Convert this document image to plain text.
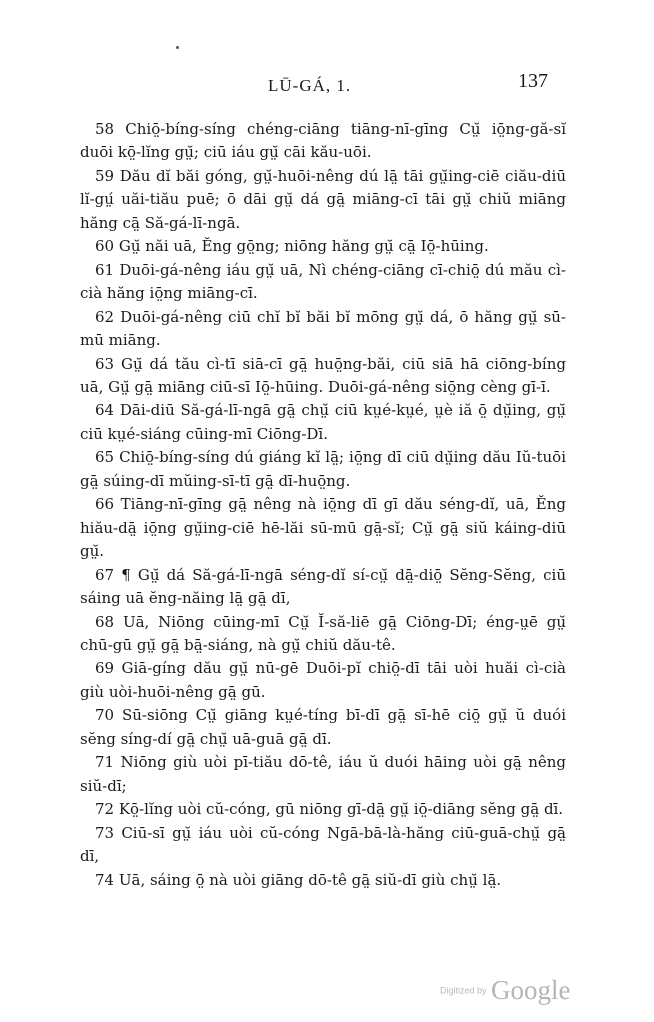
LŪ-GÁ, 1.	137

58 Chiō̤-bíng-síng chéng-ciāng tiāng-nī-gīng Cṳ̆ iō̤ng-gă-sĭ duōi kō̤-lĭng gṳ̆; ciū iáu gṳ̆ cāi kău-uōi.

59 Dău dĭ băi góng, gṳ̆-huōi-nêng dú lā̤ tāi gṳ̆ing-ciē ciău-diū lĭ-gṳ́ uăi-tiău puē; ō dāi gṳ̆ dá gā̤ miāng-cī tāi gṳ̆ chiŭ miāng hăng cā̤ Să-gá-lī-ngā.

60 Gṳ̆ năi uā, Ĕng gō̤ng; niōng hăng gṳ̆ cā̤ Iō̤-hūing.

61 Duōi-gá-nêng iáu gṳ̆ uā, Nì chéng-ciāng cī-chiō̤ dú mău cì-cià hăng iō̤ng miāng-cī.

62 Duōi-gá-nêng ciū chĭ bĭ băi bĭ mōng gṳ̆ dá, ō hăng gṳ̆ sū-mū miāng.

63 Gṳ̆ dá tău cì-tī siā-cī gā̤ huō̤ng-băi, ciū siā hā ciōng-bíng uā, Gṳ̆ gā̤ miāng ciū-sī Iō̤-hūing. Duōi-gá-nêng siō̤ng cèng gī-ī.

64 Dāi-diū Să-gá-lī-ngā gā̤ chṳ̆ ciū kṳé-kṳé, ṳè iă ō̤ dṳ̆ing, gṳ̆ ciū kṳé-siáng cūing-mī Ciōng-Dī.

65 Chiō̤-bíng-síng dú giáng kĭ lā̤; iō̤ng dī ciū dṳ̆ing dău Iŭ-tuōi gā̤ súing-dī mŭing-sī-tī gā̤ dī-huō̤ng.

66 Tiāng-nī-gīng gā̤ nêng nà iō̤ng dī gī dău séng-dĭ, uā, Ĕng hiău-dā̤ iō̤ng gṳ̆ing-ciē hē-lăi sū-mū gā̤-sĭ; Cṳ̆ gā̤ siŭ káing-diū gṳ̆.

67 ¶ Gṳ̆ dá Să-gá-lī-ngā séng-dĭ sí-cṳ̆ dā̤-diō̤ Sĕng-Sĕng, ciū sáing uā ĕng-năing lā̤ gā̤ dī,

68 Uā, Niōng cūing-mī Cṳ̆ Ĭ-să-liē gā̤ Ciōng-Dī; éng-ṳē gṳ̆ chū-gū gṳ̆ gā̤ bā̤-siáng, nà gṳ̆ chiŭ dău-tê.

69 Giā-gíng dău gṳ̆ nū-gē Duōi-pĭ chiō̤-dī tāi uòi huăi cì-cià giù uòi-huōi-nêng gā̤ gū.

70 Sū-siōng Cṳ̆ giāng kṳé-tíng bī-dī gā̤ sī-hē ciō̤ gṳ̆ ŭ duói sĕng síng-dí gā̤ chṳ̆ uā-guā gā̤ dī.

71 Niōng giù uòi pī-tiău dō-tê, iáu ŭ duói hāing uòi gā̤ nêng siŭ-dī;

72 Kō̤-lĭng uòi cŭ-cóng, gū niōng gī-dā̤ gṳ̆ iō̤-diāng sĕng gā̤ dī.

73 Ciū-sī gṳ̆ iáu uòi cŭ-cóng Ngā-bā-là-hăng ciū-guā-chṳ̆ gā̤ dī,

74 Uā, sáing ō̤ nà uòi giāng dō-tê gā̤ siŭ-dī giù chṳ̆ lā̤.

Digitized by Google
